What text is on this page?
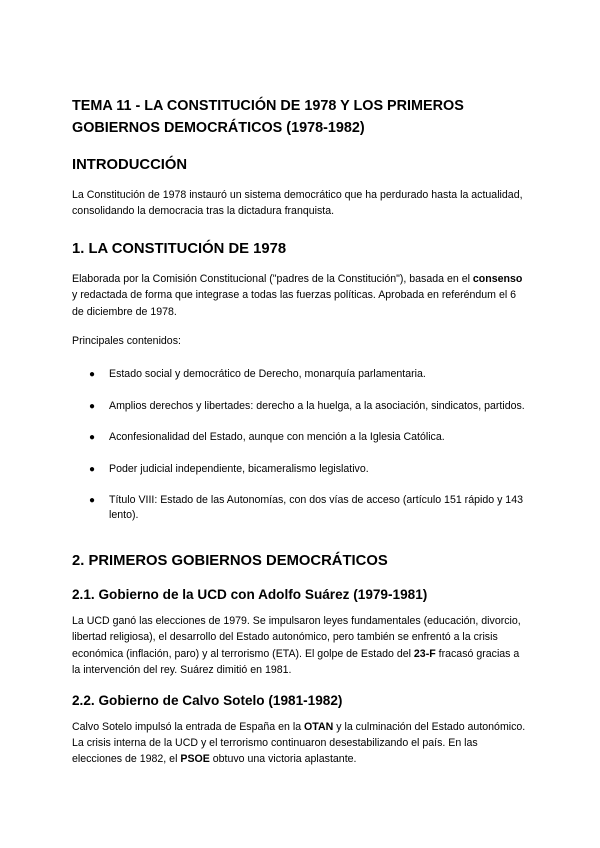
TEMA 11 - LA CONSTITUCIÓN DE 1978 Y LOS PRIMEROS GOBIERNOS DEMOCRÁTICOS (1978-1982)
INTRODUCCIÓN

La Constitución de 1978 instauró un sistema democrático que ha perdurado hasta la actualidad, consolidando la democracia tras la dictadura franquista.

1. LA CONSTITUCIÓN DE 1978

Elaborada por la Comisión Constitucional ("padres de la Constitución"), basada en el consenso y redactada de forma que integrase a todas las fuerzas políticas. Aprobada en referéndum el 6 de diciembre de 1978.

Principales contenidos:

● Estado social y democrático de Derecho, monarquía parlamentaria.
● Amplios derechos y libertades: derecho a la huelga, a la asociación, sindicatos, partidos.
● Aconfesionalidad del Estado, aunque con mención a la Iglesia Católica.
● Poder judicial independiente, bicameralismo legislativo.
● Título VIII: Estado de las Autonomías, con dos vías de acceso (artículo 151 rápido y 143 lento).
2. PRIMEROS GOBIERNOS DEMOCRÁTICOS
2.1. Gobierno de la UCD con Adolfo Suárez (1979-1981)

La UCD ganó las elecciones de 1979. Se impulsaron leyes fundamentales (educación, divorcio, libertad religiosa), el desarrollo del Estado autonómico, pero también se enfrentó a la crisis económica (inflación, paro) y al terrorismo (ETA). El golpe de Estado del 23-F fracasó gracias a la intervención del rey. Suárez dimitió en 1981.

2.2. Gobierno de Calvo Sotelo (1981-1982)

Calvo Sotelo impulsó la entrada de España en la OTAN y la culminación del Estado autonómico. La crisis interna de la UCD y el terrorismo continuaron desestabilizando el país. En las elecciones de 1982, el PSOE obtuvo una victoria aplastante.
